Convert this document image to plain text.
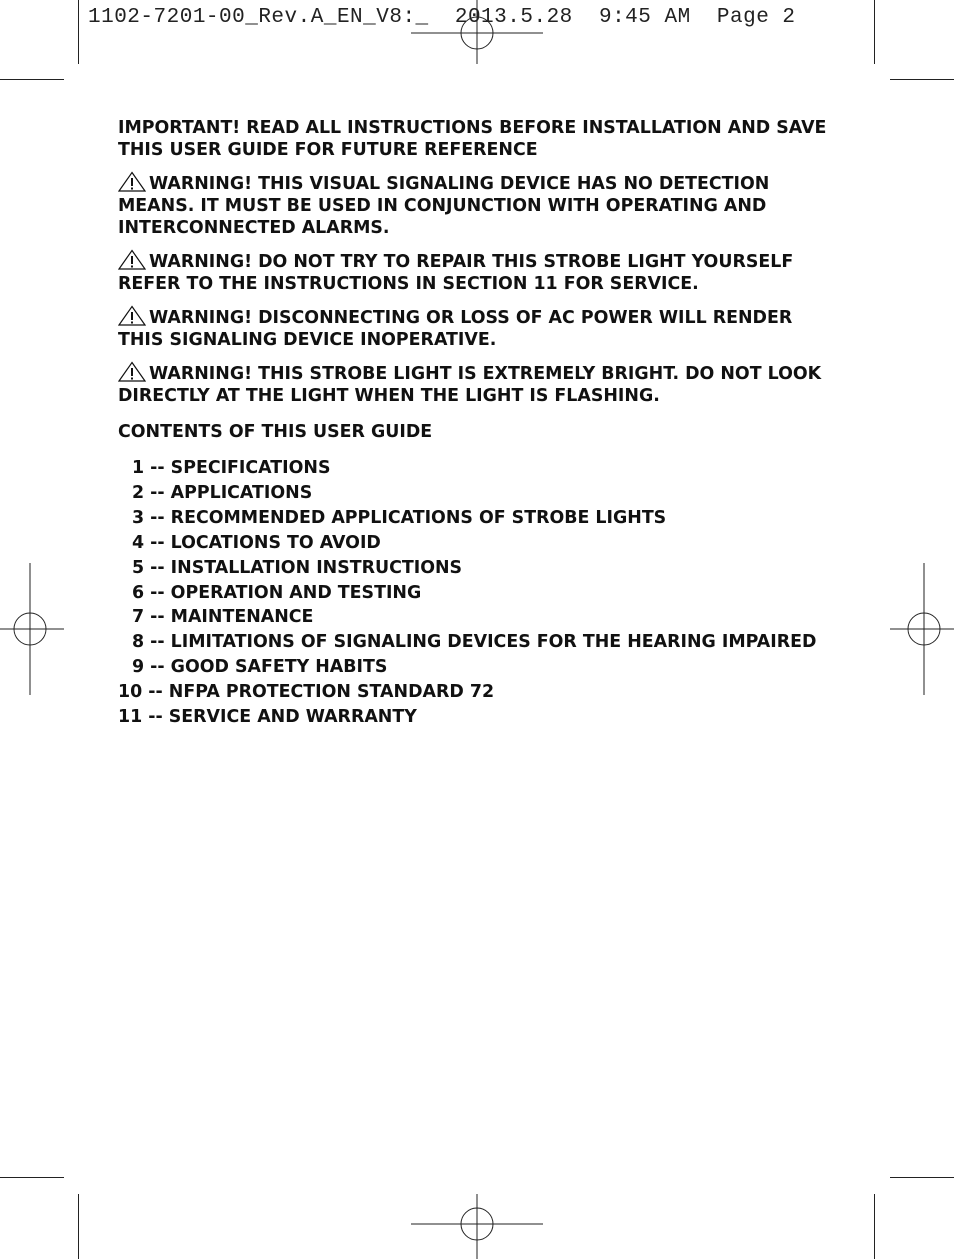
1102-7201-00_Rev.A_EN_V8:_  2013.5.28  9:45 AM  Page 2

IMPORTANT! READ ALL INSTRUCTIONS BEFORE INSTALLATION AND SAVE THIS USER GUIDE FOR FUTURE REFERENCE

WARNING! THIS VISUAL SIGNALING DEVICE HAS NO DETECTION MEANS. IT MUST BE USED IN CONJUNCTION WITH OPERATING AND INTERCONNECTED ALARMS.

WARNING! DO NOT TRY TO REPAIR THIS STROBE LIGHT YOURSELF REFER TO THE INSTRUCTIONS IN SECTION 11 FOR SERVICE.

WARNING! DISCONNECTING OR LOSS OF AC POWER WILL RENDER THIS SIGNALING DEVICE INOPERATIVE.

WARNING! THIS STROBE LIGHT IS EXTREMELY BRIGHT. DO NOT LOOK DIRECTLY AT THE LIGHT WHEN THE LIGHT IS FLASHING.

CONTENTS OF THIS USER GUIDE

1 -- SPECIFICATIONS
2 -- APPLICATIONS
3 -- RECOMMENDED APPLICATIONS OF STROBE LIGHTS
4 -- LOCATIONS TO AVOID
5 -- INSTALLATION INSTRUCTIONS
6 -- OPERATION AND TESTING
7 -- MAINTENANCE
8 -- LIMITATIONS OF SIGNALING DEVICES FOR THE HEARING IMPAIRED
9 -- GOOD SAFETY HABITS
10 -- NFPA PROTECTION STANDARD 72
11 -- SERVICE AND WARRANTY
